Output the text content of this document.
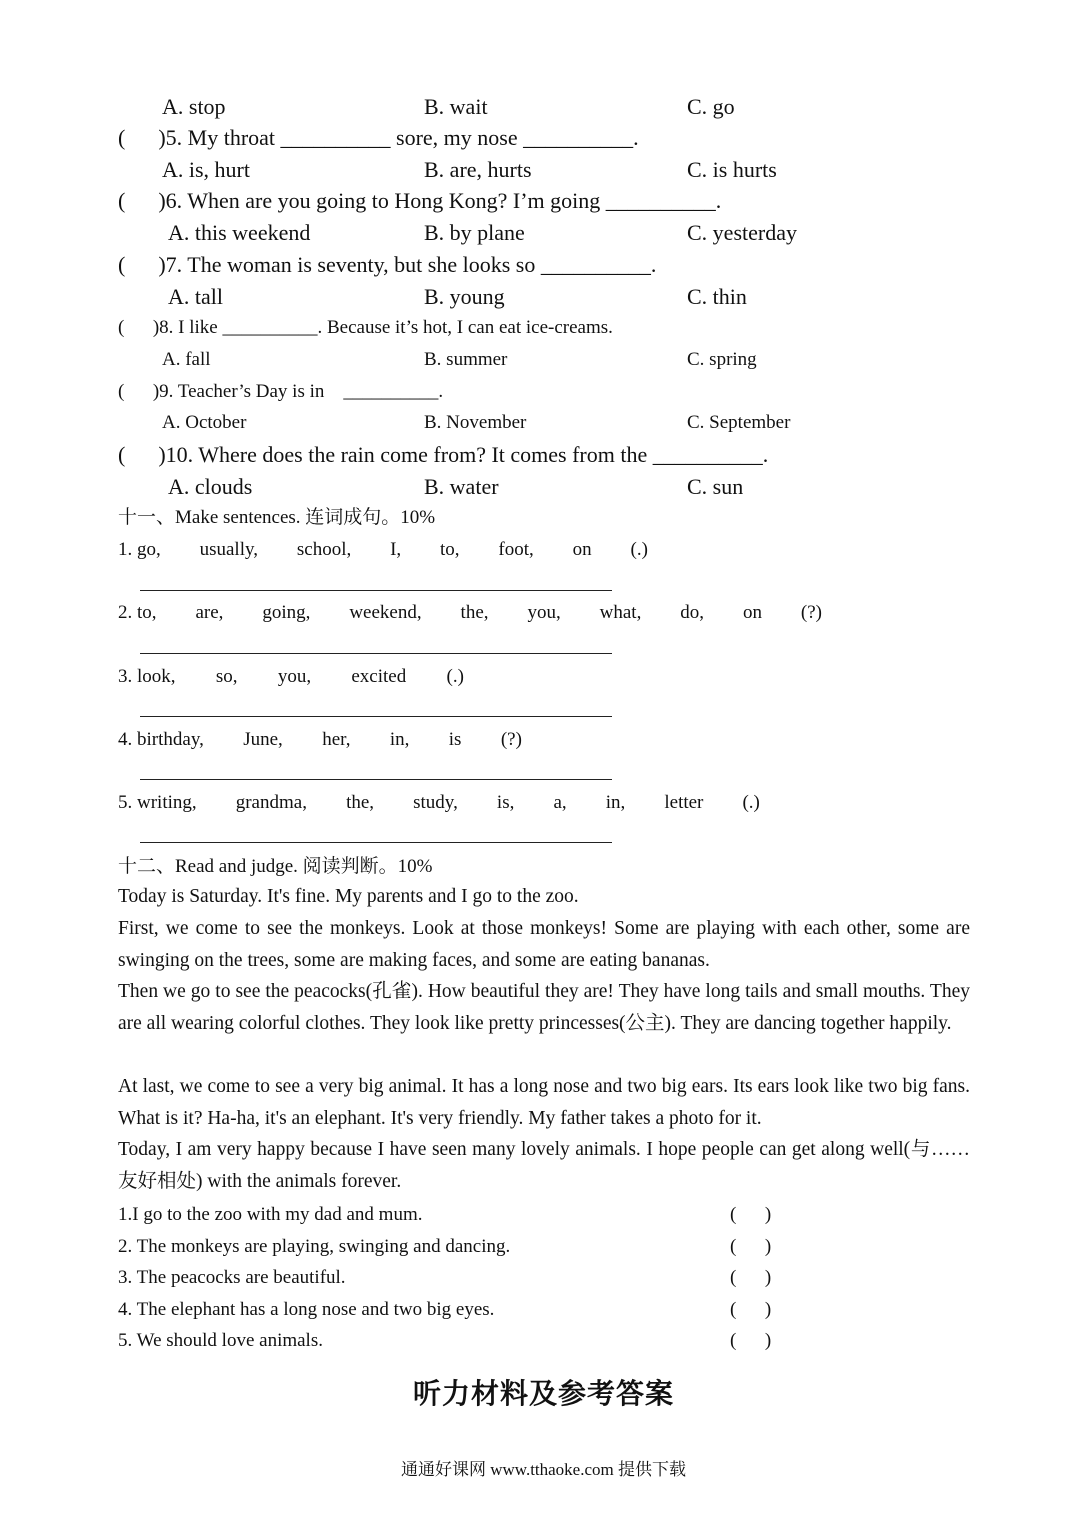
A. stop	B. wait	C. go
(      )5. My throat __________ sore, my nose __________.
A. is, hurt	B. are, hurts	C. is hurts
(      )6. When are you going to Hong Kong? I’m going __________.
A. this weekend	B. by plane	C. yesterday
(      )7. The woman is seventy, but she looks so __________.
A. tall	B. young	C. thin
(      )8. I like __________. Because it’s hot, I can eat ice-creams.
A. fall	B. summer	C. spring
(      )9. Teacher’s Day is in    __________.
A. October	B. November	C. September
(      )10. Where does the rain come from? It comes from the __________.
A. clouds	B. water	C. sun
十一、Make sentences. 连词成句。10%
1. go, usually, school, I, to, foot, on (.)
2. to, are, going, weekend, the, you, what, do, on (?)
3. look, so, you, excited (.)
4. birthday, June, her, in, is (?)
5. writing, grandma, the, study, is, a, in, letter (.)
十二、Read and judge. 阅读判断。10%
Today is Saturday. It's fine. My parents and I go to the zoo.
First, we come to see the monkeys. Look at those monkeys! Some are playing with each other, some are swinging on the trees, some are making faces, and some are eating bananas.
Then we go to see the peacocks(孔雀). How beautiful they are! They have long tails and small mouths. They are all wearing colorful clothes. They look like pretty princesses(公主). They are dancing together happily.
At last, we come to see a very big animal. It has a long nose and two big ears. Its ears look like two big fans. What is it? Ha-ha, it's an elephant. It's very friendly. My father takes a photo for it.
Today, I am very happy because I have seen many lovely animals. I hope people can get along well(与……友好相处) with the animals forever.
1.I go to the zoo with my dad and mum.	(      )
2. The monkeys are playing, swinging and dancing.	(      )
3. The peacocks are beautiful.	(      )
4. The elephant has a long nose and two big eyes.	(      )
5. We should love animals.	(      )
听力材料及参考答案
通通好课网 www.tthaoke.com 提供下载
